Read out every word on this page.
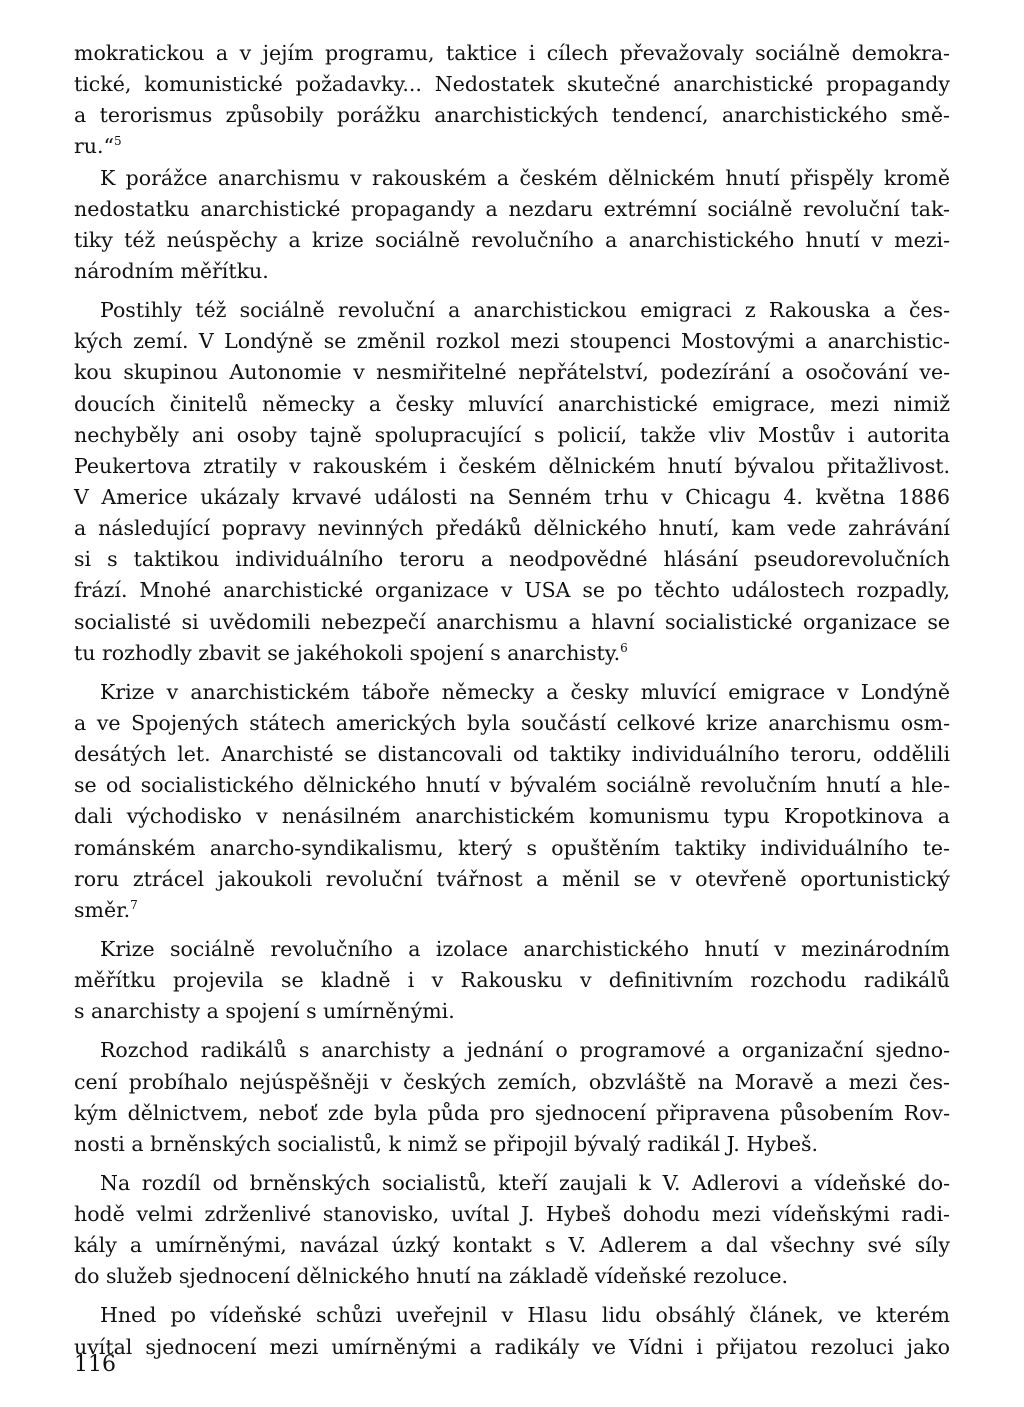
mokratickou a v jejím programu, taktice i cílech převažovaly sociálně demokra-
tické, komunistické požadavky... Nedostatek skutečné anarchistické propagandy
a terorismus způsobily porážku anarchistických tendencí, anarchistického smě-
ru.“$^5$
K porážce anarchismu v rakouském a českém dělnickém hnutí přispěly kromě
nedostatku anarchistické propagandy a nezdaru extrémní sociálně revoluční tak-
tiky též neúspěchy a krize sociálně revolučního a anarchistického hnutí v mezi-
národním měřítku.
Postihly též sociálně revoluční a anarchistickou emigraci z Rakouska a čes-
kých zemí. V Londýně se změnil rozkol mezi stoupenci Mostovými a anarchistic-
kou skupinou Autonomie v nesmiřitelné nepřátelství, podezírání a osočování ve-
doucích činitelů německy a česky mluvící anarchistické emigrace, mezi nimiž
nechyběly ani osoby tajně spolupracující s policií, takže vliv Mostův i autorita
Peukertova ztratily v rakouském i českém dělnickém hnutí bývalou přitažlivost.
V Americe ukázaly krvavé události na Senném trhu v Chicagu 4. května 1886
a následující popravy nevinných předáků dělnického hnutí, kam vede zahrávání
si s taktikou individuálního teroru a neodpovědné hlásání pseudorevolučních
frází. Mnohé anarchistické organizace v USA se po těchto událostech rozpadly,
socialisté si uvědomili nebezpečí anarchismu a hlavní socialistické organizace se
tu rozhodly zbavit se jakéhokoli spojení s anarchisty.$^6$
Krize v anarchistickém táboře německy a česky mluvící emigrace v Londýně
a ve Spojených státech amerických byla součástí celkové krize anarchismu osm-
desátých let. Anarchisté se distancovali od taktiky individuálního teroru, oddělili
se od socialistického dělnického hnutí v bývalém sociálně revolučním hnutí a hle-
dali východisko v nenásilném anarchistickém komunismu typu Kropotkinova a
románském anarcho-syndikalismu, který s opuštěním taktiky individuálního te-
roru ztrácel jakoukoli revoluční tvářnost a měnil se v otevřeně oportunistický
směr.$^7$
Krize sociálně revolučního a izolace anarchistického hnutí v mezinárodním
měřítku projevila se kladně i v Rakousku v definitivním rozchodu radikálů
s anarchisty a spojení s umírněnými.
Rozchod radikálů s anarchisty a jednání o programové a organizační sjedno-
cení probíhalo nejúspěšněji v českých zemích, obzvláště na Moravě a mezi čes-
kým dělnictvem, neboť zde byla půda pro sjednocení připravena působením Rov-
nosti a brněnských socialistů, k nimž se připojil bývalý radikál J. Hybeš.
Na rozdíl od brněnských socialistů, kteří zaujali k V. Adlerovi a vídeňské do-
hodě velmi zdrženlivé stanovisko, uvítal J. Hybeš dohodu mezi vídeňskými radi-
kály a umírněnými, navázal úzký kontakt s V. Adlerem a dal všechny své síly
do služeb sjednocení dělnického hnutí na základě vídeňské rezoluce.
Hned po vídeňské schůzi uveřejnil v Hlasu lidu obsáhlý článek, ve kterém
uvítal sjednocení mezi umírněnými a radikály ve Vídni i přijatou rezoluci jako
116
